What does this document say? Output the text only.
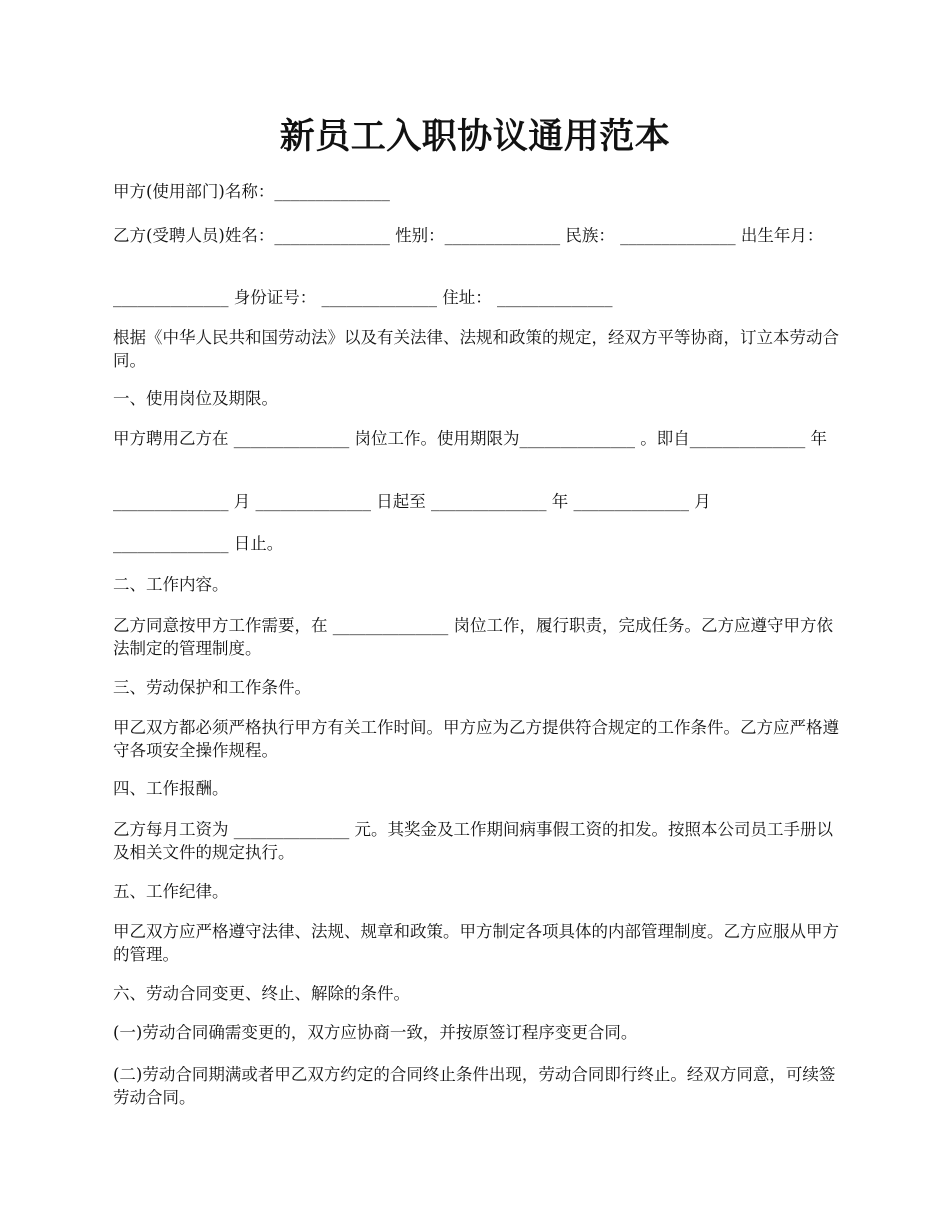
新员工入职协议通用范本

甲方(使用部门)名称：______________

乙方(受聘人员)姓名：______________ 性别：______________ 民族： ______________ 出生年月：

______________ 身份证号： ______________ 住址： ______________

根据《中华人民共和国劳动法》以及有关法律、法规和政策的规定，经双方平等协商，订立本劳动合同。

一、使用岗位及期限。

甲方聘用乙方在 ______________ 岗位工作。使用期限为______________ 。即自______________ 年

______________ 月 ______________ 日起至 ______________ 年 ______________ 月

______________ 日止。

二、工作内容。

乙方同意按甲方工作需要，在 ______________ 岗位工作，履行职责，完成任务。乙方应遵守甲方依法制定的管理制度。

三、劳动保护和工作条件。

甲乙双方都必须严格执行甲方有关工作时间。甲方应为乙方提供符合规定的工作条件。乙方应严格遵守各项安全操作规程。

四、工作报酬。

乙方每月工资为 ______________ 元。其奖金及工作期间病事假工资的扣发。按照本公司员工手册以及相关文件的规定执行。

五、工作纪律。

甲乙双方应严格遵守法律、法规、规章和政策。甲方制定各项具体的内部管理制度。乙方应服从甲方的管理。

六、劳动合同变更、终止、解除的条件。

(一)劳动合同确需变更的，双方应协商一致，并按原签订程序变更合同。

(二)劳动合同期满或者甲乙双方约定的合同终止条件出现，劳动合同即行终止。经双方同意，可续签劳动合同。
